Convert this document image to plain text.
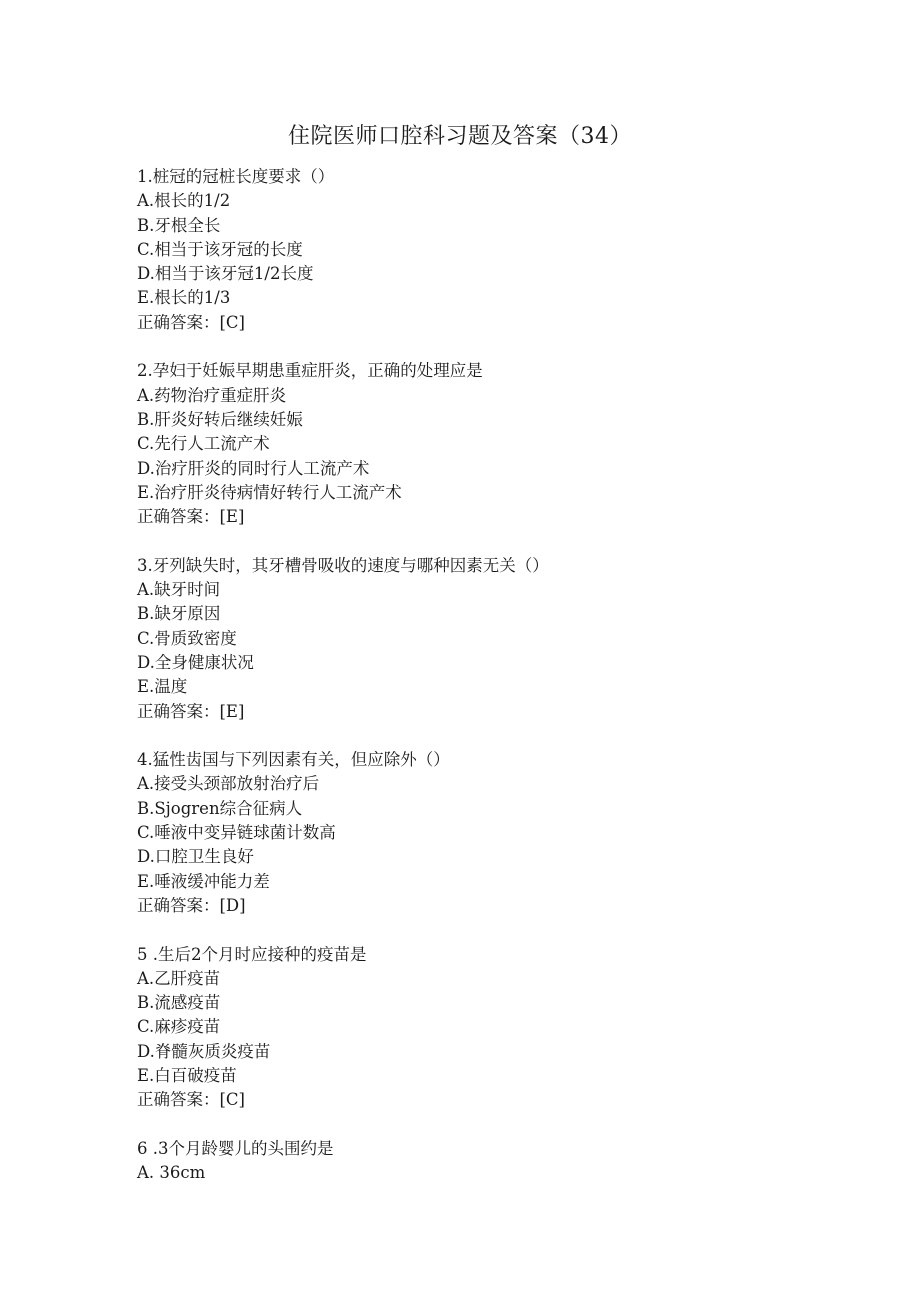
住院医师口腔科习题及答案（34）
1.桩冠的冠桩长度要求（）
A.根长的1/2
B.牙根全长
C.相当于该牙冠的长度
D.相当于该牙冠1/2长度
E.根长的1/3
正确答案：[C]
2.孕妇于妊娠早期患重症肝炎，正确的处理应是
A.药物治疗重症肝炎
B.肝炎好转后继续妊娠
C.先行人工流产术
D.治疗肝炎的同时行人工流产术
E.治疗肝炎待病情好转行人工流产术
正确答案：[E]
3.牙列缺失时，其牙槽骨吸收的速度与哪种因素无关（）
A.缺牙时间
B.缺牙原因
C.骨质致密度
D.全身健康状况
E.温度
正确答案：[E]
4.猛性齿国与下列因素有关，但应除外（）
A.接受头颈部放射治疗后
B.Sjogren综合征病人
C.唾液中变异链球菌计数高
D.口腔卫生良好
E.唾液缓冲能力差
正确答案：[D]
5 .生后2个月时应接种的疫苗是
A.乙肝疫苗
B.流感疫苗
C.麻疹疫苗
D.脊髓灰质炎疫苗
E.白百破疫苗
正确答案：[C]
6 .3个月龄婴儿的头围约是
A. 36cm
